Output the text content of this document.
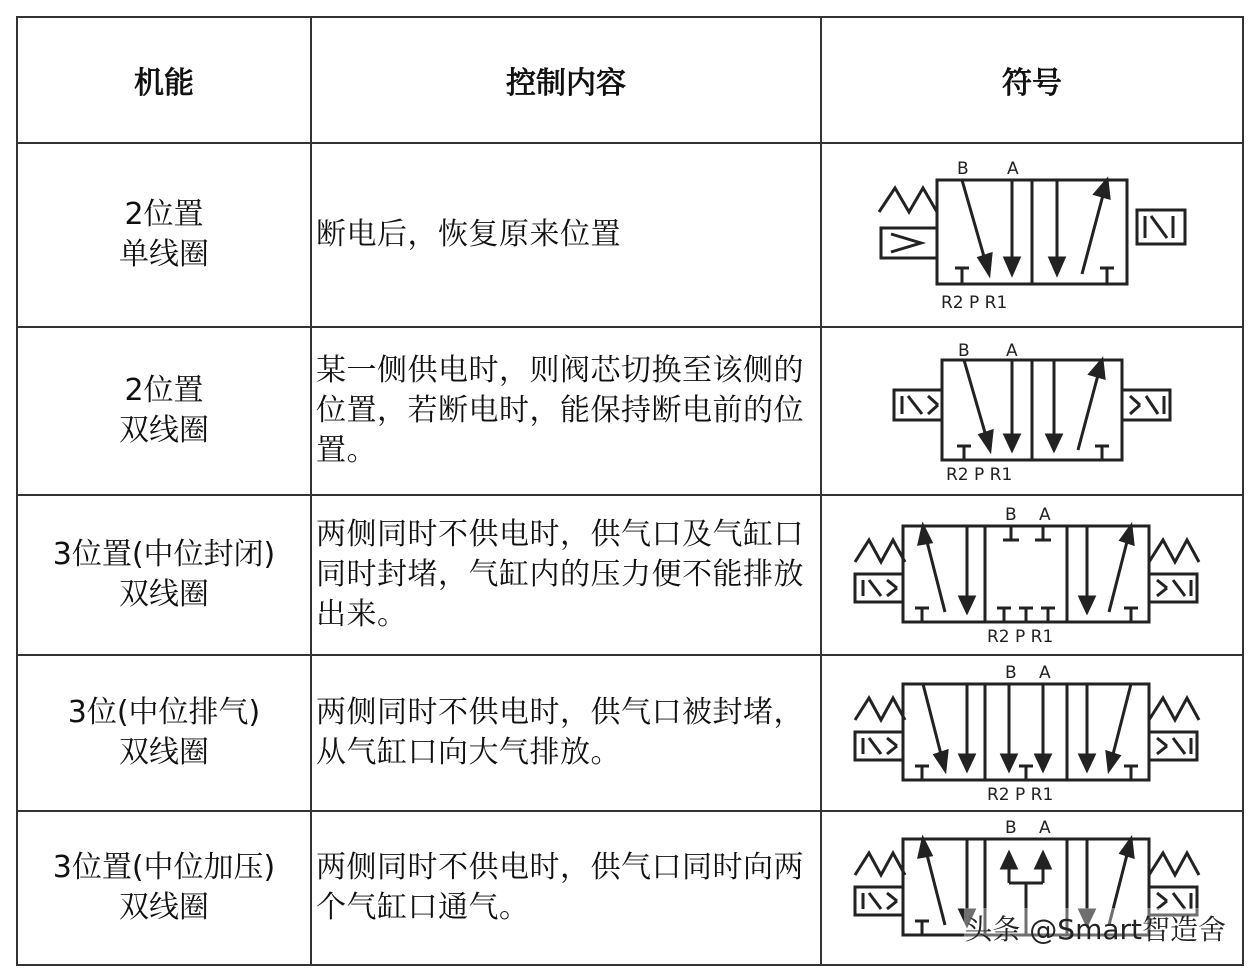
机能	控制内容	符号

2位置
单线圈	断电后，恢复原来位置	B A
R2 P R1

2位置
双线圈	某一侧供电时，则阀芯切换至该侧的位置，若断电时，能保持断电前的位置。	B A
R2 P R1

3位置(中位封闭)
双线圈	两侧同时不供电时，供气口及气缸口同时封堵，气缸内的压力便不能排放出来。	B A
R2 P R1

3位(中位排气)
双线圈	两侧同时不供电时，供气口被封堵，从气缸口向大气排放。	B A
R2 P R1

3位置(中位加压)
双线圈	两侧同时不供电时，供气口同时向两个气缸口通气。	B A
头条 @Smart智造舍
